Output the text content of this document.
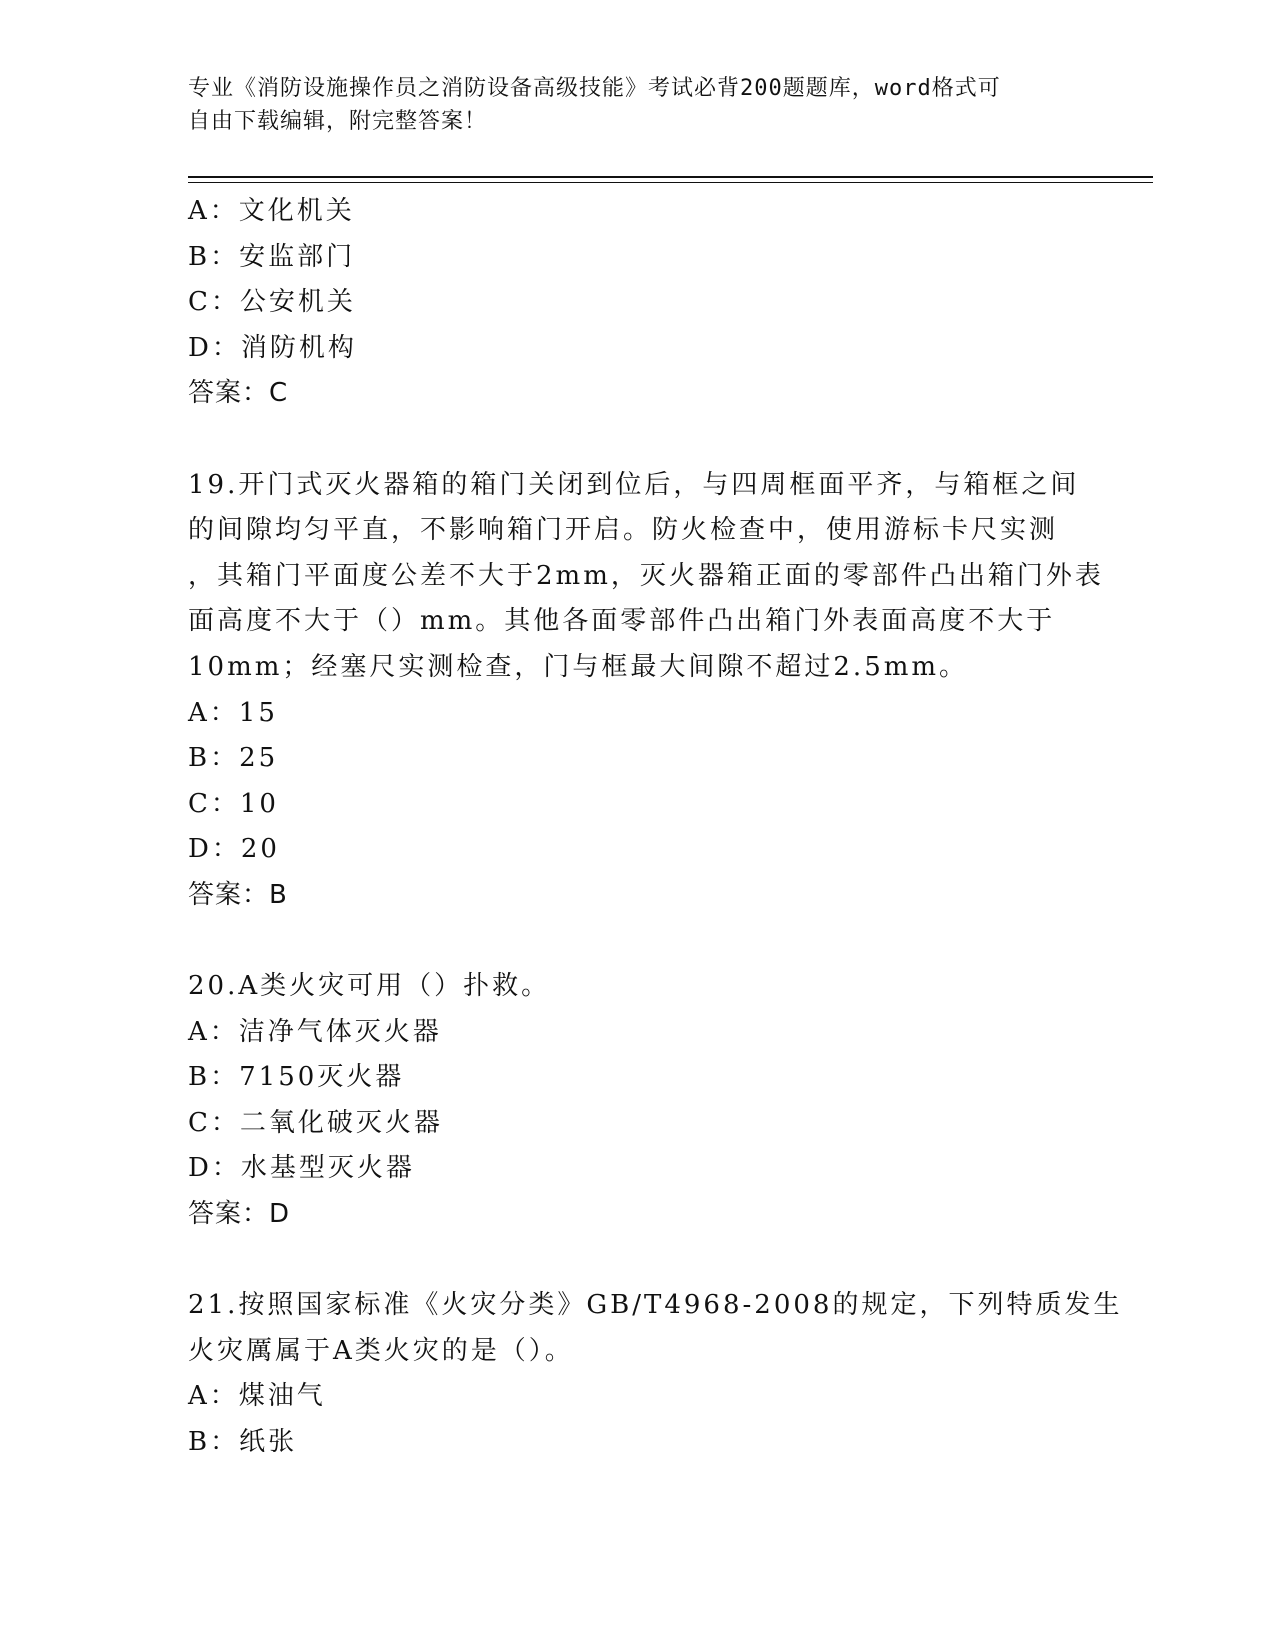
专业《消防设施操作员之消防设备高级技能》考试必背200题题库，word格式可
自由下载编辑，附完整答案！
A：文化机关
B：安监部门
C：公安机关
D：消防机构
答案：C
19.开门式灭火器箱的箱门关闭到位后，与四周框面平齐，与箱框之间
的间隙均匀平直，不影响箱门开启。防火检查中，使用游标卡尺实测
，其箱门平面度公差不大于2mm，灭火器箱正面的零部件凸出箱门外表
面高度不大于（）mm。其他各面零部件凸出箱门外表面高度不大于
10mm；经塞尺实测检查，门与框最大间隙不超过2.5mm。
A：15
B：25
C：10
D：20
答案：B
20.A类火灾可用（）扑救。
A：洁净气体灭火器
B：7150灭火器
C：二氧化破灭火器
D：水基型灭火器
答案：D
21.按照国家标准《火灾分类》GB/T4968-2008的规定，下列特质发生
火灾厲属于A类火灾的是（）。
A：煤油气
B：纸张
